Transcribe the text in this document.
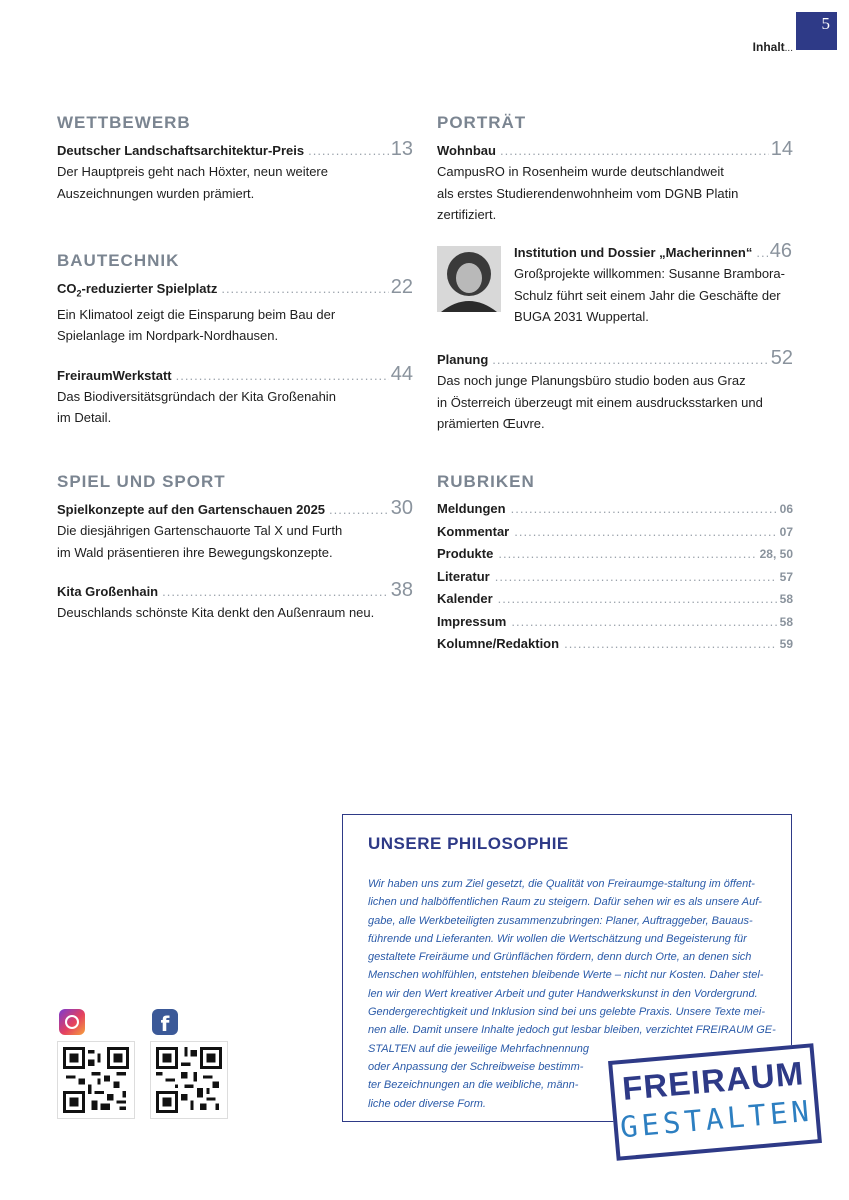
5
Inhalt...
WETTBEWERB
Deutscher Landschaftsarchitektur-Preis .....	13
Der Hauptpreis geht nach Höxter, neun weitere
Auszeichnungen wurden prämiert.
BAUTECHNIK
$CO_2$-reduzierter Spielplatz .....	22
Ein Klimatool zeigt die Einsparung beim Bau der
Spielanlage im Nordpark-Nordhausen.
FreiraumWerkstatt .....	44
Das Biodiversitätsgründach der Kita Großenahin
im Detail.
SPIEL UND SPORT
Spielkonzepte auf den Gartenschauen 2025 .....	30
Die diesjährigen Gartenschauorte Tal X und Furth
im Wald präsentieren ihre Bewegungskonzepte.
Kita Großenhain .....	38
Deuschlands schönste Kita denkt den Außenraum neu.
PORTRÄT
Wohnbau .....	14
CampusRO in Rosenheim wurde deutschlandweit
als erstes Studierendenwohnheim vom DGNB Platin
zertifiziert.
Institution und Dossier „Macherinnen“ ..... 46
Großprojekte willkommen: Susanne Brambora-
Schulz führt seit einem Jahr die Geschäfte der
BUGA 2031 Wuppertal.
Planung .....	52
Das noch junge Planungsbüro studio boden aus Graz
in Österreich überzeugt mit einem ausdrucksstarken und
prämierten Œuvre.
RUBRIKEN
Meldungen .....	06
Kommentar .....	07
Produkte .....	28, 50
Literatur .....	57
Kalender .....	58
Impressum .....	58
Kolumne/Redaktion .....	59
f
UNSERE PHILOSOPHIE

Wir haben uns zum Ziel gesetzt, die Qualität von Freiraumge-staltung im öffent-

lichen und halböffentlichen Raum zu steigern. Dafür sehen wir es als unsere Auf-

gabe, alle Werkbeteiligten zusammenzubringen: Planer, Auftraggeber, Bauaus-

führende und Lieferanten. Wir wollen die Wertschätzung und Begeisterung für

gestaltete Freiräume und Grünflächen fördern, denn durch Orte, an denen sich

Menschen wohlfühlen, entstehen bleibende Werte – nicht nur Kosten. Daher stel-

len wir den Wert kreativer Arbeit und guter Handwerkskunst in den Vordergrund.

Gendergerechtigkeit und Inklusion sind bei uns gelebte Praxis. Unsere Texte mei-

nen alle. Damit unsere Inhalte jedoch gut lesbar bleiben, verzichtet FREIRAUM GE-

STALTEN auf die jeweilige Mehrfachnennung

oder Anpassung der Schreibweise bestimm-

ter Bezeichnungen an die weibliche, männ-

liche oder diverse Form.	FREIRAUM
GESTALTEN
